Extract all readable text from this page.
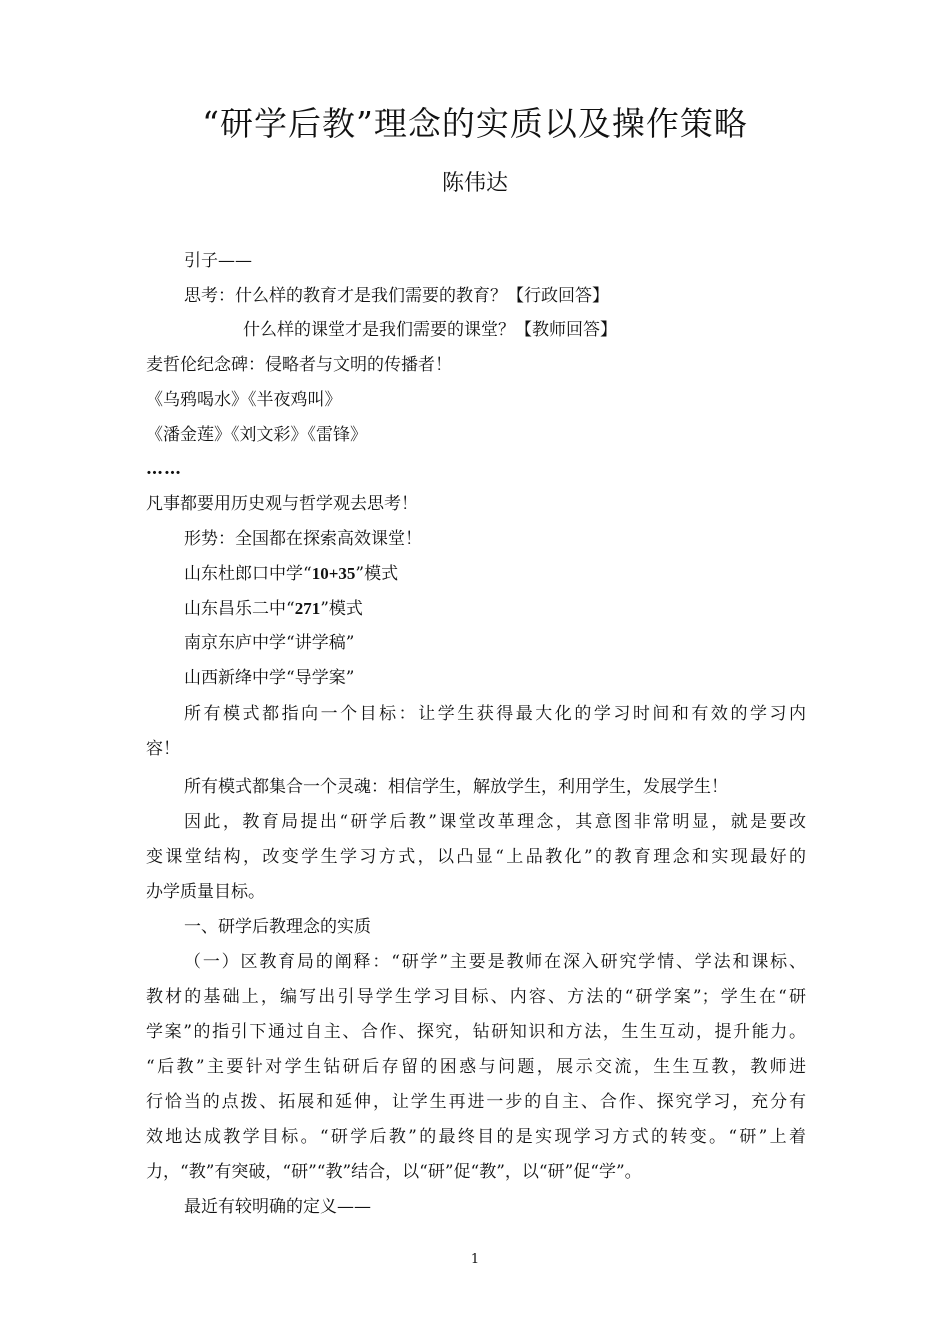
“研学后教”理念的实质以及操作策略
陈伟达
引子——
思考：什么样的教育才是我们需要的教育？【行政回答】
什么样的课堂才是我们需要的课堂？【教师回答】
麦哲伦纪念碑：侵略者与文明的传播者！
《乌鸦喝水》《半夜鸡叫》
《潘金莲》《刘文彩》《雷锋》
……
凡事都要用历史观与哲学观去思考！
形势：全国都在探索高效课堂！
山东杜郎口中学“10+35”模式
山东昌乐二中“271”模式
南京东庐中学“讲学稿”
山西新绛中学“导学案”
所有模式都指向一个目标：让学生获得最大化的学习时间和有效的学习内
容！
所有模式都集合一个灵魂：相信学生，解放学生，利用学生，发展学生！
因此，教育局提出“研学后教”课堂改革理念，其意图非常明显，就是要改
变课堂结构，改变学生学习方式，以凸显“上品教化”的教育理念和实现最好的
办学质量目标。
一、研学后教理念的实质
（一）区教育局的阐释：“研学”主要是教师在深入研究学情、学法和课标、
教材的基础上，编写出引导学生学习目标、内容、方法的“研学案”；学生在“研
学案”的指引下通过自主、合作、探究，钻研知识和方法，生生互动，提升能力。
“后教”主要针对学生钻研后存留的困惑与问题，展示交流，生生互教，教师进
行恰当的点拨、拓展和延伸，让学生再进一步的自主、合作、探究学习，充分有
效地达成教学目标。“研学后教”的最终目的是实现学习方式的转变。“研”上着
力，“教”有突破，“研”“教”结合，以“研”促“教”，以“研”促“学”。
最近有较明确的定义——
1
